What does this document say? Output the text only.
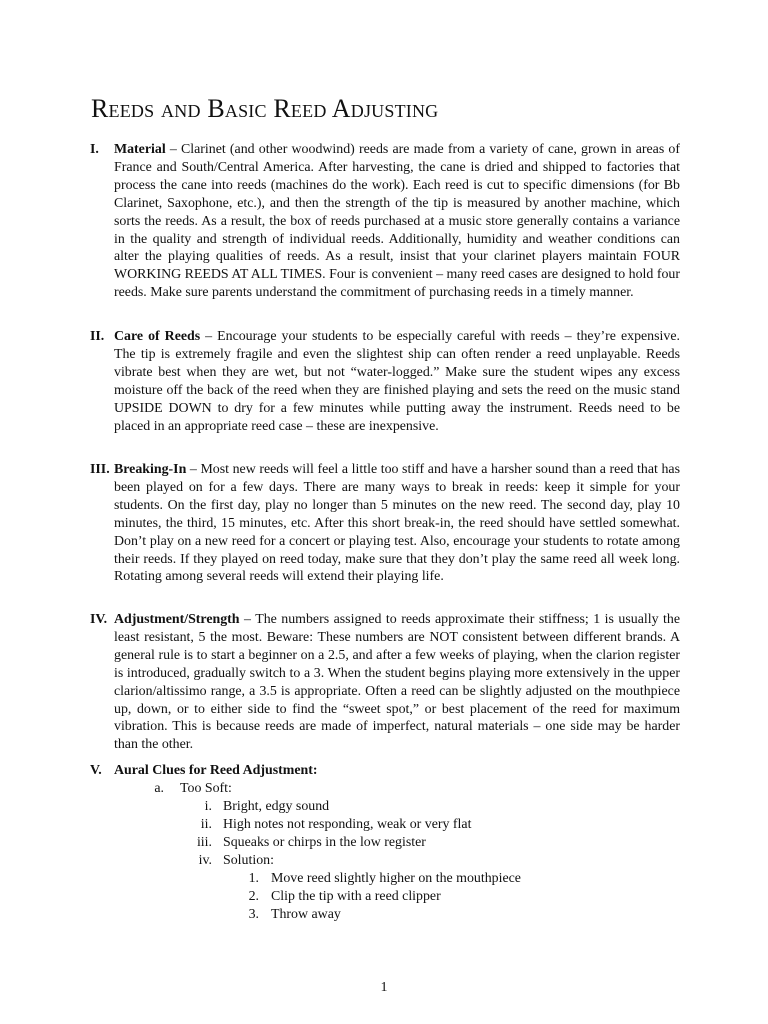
Reeds and Basic Reed Adjusting
I. Material – Clarinet (and other woodwind) reeds are made from a variety of cane, grown in areas of France and South/Central America. After harvesting, the cane is dried and shipped to factories that process the cane into reeds (machines do the work). Each reed is cut to specific dimensions (for Bb Clarinet, Saxophone, etc.), and then the strength of the tip is measured by another machine, which sorts the reeds. As a result, the box of reeds purchased at a music store generally contains a variance in the quality and strength of individual reeds. Additionally, humidity and weather conditions can alter the playing qualities of reeds. As a result, insist that your clarinet players maintain FOUR WORKING REEDS AT ALL TIMES. Four is convenient – many reed cases are designed to hold four reeds. Make sure parents understand the commitment of purchasing reeds in a timely manner.
II. Care of Reeds – Encourage your students to be especially careful with reeds – they’re expensive. The tip is extremely fragile and even the slightest ship can often render a reed unplayable. Reeds vibrate best when they are wet, but not “water-logged.” Make sure the student wipes any excess moisture off the back of the reed when they are finished playing and sets the reed on the music stand UPSIDE DOWN to dry for a few minutes while putting away the instrument. Reeds need to be placed in an appropriate reed case – these are inexpensive.
III. Breaking-In – Most new reeds will feel a little too stiff and have a harsher sound than a reed that has been played on for a few days. There are many ways to break in reeds: keep it simple for your students. On the first day, play no longer than 5 minutes on the new reed. The second day, play 10 minutes, the third, 15 minutes, etc. After this short break-in, the reed should have settled somewhat. Don’t play on a new reed for a concert or playing test. Also, encourage your students to rotate among their reeds. If they played on reed today, make sure that they don’t play the same reed all week long. Rotating among several reeds will extend their playing life.
IV. Adjustment/Strength – The numbers assigned to reeds approximate their stiffness; 1 is usually the least resistant, 5 the most. Beware: These numbers are NOT consistent between different brands. A general rule is to start a beginner on a 2.5, and after a few weeks of playing, when the clarion register is introduced, gradually switch to a 3. When the student begins playing more extensively in the upper clarion/altissimo range, a 3.5 is appropriate. Often a reed can be slightly adjusted on the mouthpiece up, down, or to either side to find the “sweet spot,” or best placement of the reed for maximum vibration. This is because reeds are made of imperfect, natural materials – one side may be harder than the other.
V. Aural Clues for Reed Adjustment:
a. Too Soft:
i. Bright, edgy sound
ii. High notes not responding, weak or very flat
iii. Squeaks or chirps in the low register
iv. Solution:
1. Move reed slightly higher on the mouthpiece
2. Clip the tip with a reed clipper
3. Throw away
1
